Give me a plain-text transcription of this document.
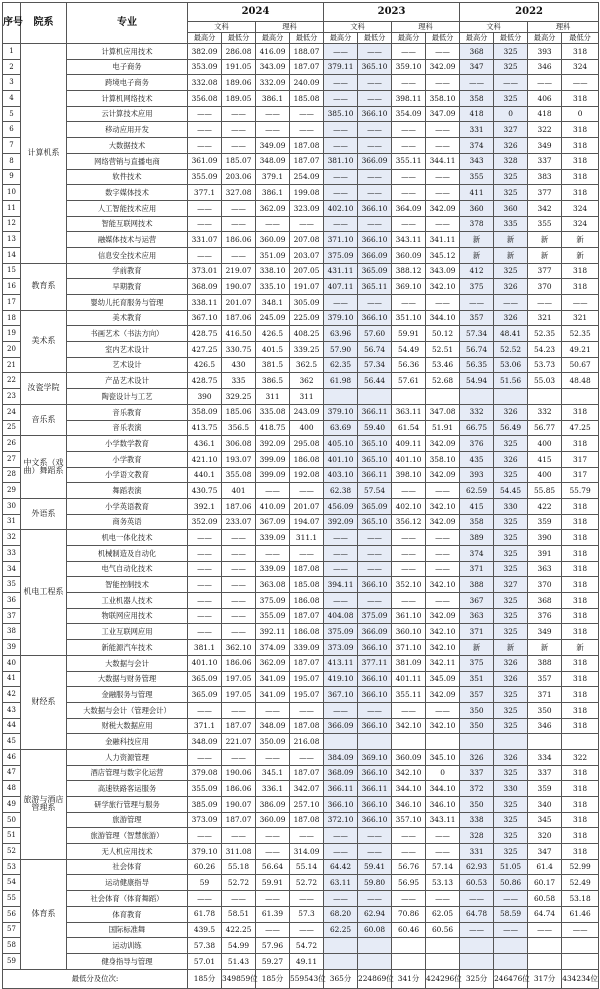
序号	院系	专业	2024				2023				2022			
			文科		理科		文科		理科		文科		理科	
			最高分	最低分	最高分	最低分	最高分	最低分	最高分	最低分	最高分	最低分	最高分	最低分
1	计算机系	计算机应用技术	382.09	286.08	416.09	188.07	——	——	——	——	368	325	393	318
2		电子商务	353.09	191.05	343.09	187.07	379.11	365.10	359.10	342.09	347	325	346	324
3		跨境电子商务	332.08	189.06	332.09	240.09	——	——	——	——	——	——	——	——
4		计算机网络技术	356.08	189.05	386.1	185.08	——	——	398.11	358.10	358	325	406	318
5		云计算技术应用	——	——	——	——	385.10	366.10	354.09	347.09	418	0	418	0
6		移动应用开发	——	——	——	——	——	——	——	——	331	327	322	318
7		大数据技术	——	——	349.09	187.08	——	——	——	——	374	326	349	318
8		网络营销与直播电商	361.09	185.07	348.09	187.07	381.10	366.09	355.11	344.11	343	328	337	318
9		软件技术	355.09	203.06	379.1	254.09	——	——	——	——	355	325	383	318
10		数字媒体技术	377.1	327.08	386.1	199.08	——	——	——	——	411	325	377	318
11		人工智能技术应用	——	——	362.09	323.09	402.10	366.10	364.09	342.09	360	360	342	324
12		智能互联网技术	——	——	——	——	——	——	——	——	378	335	355	324
13		融媒体技术与运营	331.07	186.06	360.09	207.08	371.10	366.10	343.11	341.11	新	新	新	新
14		信息安全技术应用	——	——	351.09	203.07	375.09	366.09	360.09	345.12	新	新	新	新
15	教育系	学前教育	373.01	219.07	338.10	207.05	431.11	365.09	388.12	343.09	412	325	377	318
16		早期教育	368.09	190.07	335.10	191.07	407.11	365.11	369.10	342.10	375	326	370	318
17		婴幼儿托育服务与管理	338.11	201.07	348.1	305.09	——	——	——	——	——	——	——	——
18	美术系	美术教育	367.10	187.06	245.09	225.09	379.10	366.10	351.10	344.10	357	326	321	321
19		书画艺术（书法方向）	428.75	416.50	426.5	408.25	63.96	57.60	59.91	50.12	57.34	48.41	52.35	52.35
20		室内艺术设计	427.25	330.75	401.5	339.25	57.90	56.74	54.49	52.51	56.74	52.52	54.23	49.21
21		艺术设计	426.5	430	381.5	362.5	62.35	57.34	56.36	53.46	56.35	53.06	53.73	50.67
22	汝瓷学院	产品艺术设计	428.75	335	386.5	362	61.98	56.44	57.61	52.68	54.94	51.56	55.03	48.48
23		陶瓷设计与工艺	390	329.25	311	311								
24	音乐系	音乐教育	358.09	185.06	335.08	243.09	379.10	366.11	363.11	347.08	332	326	332	318
25		音乐表演	413.75	356.5	418.75	400	63.69	59.40	61.54	51.91	66.75	56.49	56.77	47.25
26	中文系（戏曲）舞蹈系	小学数学教育	436.1	306.08	392.09	295.08	405.10	365.10	409.11	342.09	376	325	400	318
27		小学教育	421.10	193.07	399.09	186.08	401.10	365.10	401.10	358.10	435	326	415	317
28		小学语文教育	440.1	355.08	399.09	192.08	403.10	366.11	398.10	342.09	393	325	400	317
29		舞蹈表演	430.75	401	——	——	62.38	57.54	——	——	62.59	54.45	55.85	55.79
30	外语系	小学英语教育	392.1	187.06	410.09	201.07	456.09	365.09	402.10	342.10	415	330	422	318
31		商务英语	352.09	233.07	367.09	194.07	392.09	365.10	356.12	342.09	358	325	359	318
32	机电工程系	机电一体化技术	——	——	339.09	311.1	——	——	——	——	389	325	390	318
33		机械制造及自动化	——	——	——	——	——	——	——	——	374	325	391	318
34		电气自动化技术	——	——	339.09	187.08	——	——	——	——	371	325	363	318
35		智能控制技术	——	——	363.08	185.08	394.11	366.10	352.10	342.10	388	327	370	318
36		工业机器人技术	——	——	375.09	186.08	——	——	——	——	367	325	368	318
37		物联网应用技术	——	——	355.09	187.07	404.08	375.09	361.10	342.09	363	325	376	318
38		工业互联网应用	——	——	392.11	186.08	375.09	366.09	360.10	342.10	371	325	349	318
39		新能源汽车技术	381.1	362.10	374.09	339.09	373.09	366.10	371.10	342.10	新	新	新	新
40	财经系	大数据与会计	401.10	186.06	362.09	187.07	413.11	377.11	381.09	342.11	375	326	388	318
41		大数据与财务管理	365.09	197.05	341.09	195.07	419.10	366.10	401.11	345.09	351	326	357	318
42		金融服务与管理	365.09	197.05	341.09	195.07	367.10	366.10	355.11	342.09	357	325	371	318
43		大数据与会计（管理会计）	——	——	——	——	——	——	——	——	350	325	350	318
44		财税大数据应用	371.1	187.07	348.09	187.08	366.09	366.10	342.10	342.10	350	325	346	318
45		金融科技应用	348.09	221.07	350.09	216.08								
46	旅游与酒店管理系	人力资源管理	——	——	——	——	384.09	369.10	360.09	345.10	326	326	334	322
47		酒店管理与数字化运营	379.08	190.06	345.1	187.07	368.09	366.10	342.10	0	337	325	337	318
48		高速铁路客运服务	355.09	186.06	336.1	342.07	366.11	366.11	344.10	344.10	372	330	359	318
49		研学旅行管理与服务	385.09	190.07	386.09	257.10	366.10	366.10	346.10	346.10	350	325	340	318
50		旅游管理	373.09	187.07	360.09	187.08	372.10	366.10	357.10	343.11	338	325	345	318
51		旅游管理（智慧旅游）	——	——	——	——	——	——	——	——	328	325	320	318
52		无人机应用技术	379.10	311.08	——	314.09	——	——	——	——	331	325	347	318
53	体育系	社会体育	60.26	55.18	56.64	55.14	64.42	59.41	56.76	57.14	62.93	51.05	61.4	52.99
54		运动健康指导	59	52.72	59.91	52.72	63.11	59.80	56.95	53.13	60.53	50.86	60.17	52.49
55		社会体育（体育舞蹈）	——	——	——	——	——	——	——	——	——	——	60.58	53.18
56		体育教育	61.78	58.51	61.39	57.3	68.20	62.94	70.86	62.05	64.78	58.59	64.74	61.46
57		国际标准舞	439.5	422.25	——	——	62.25	60.08	60.46	60.56	——	——	——	——
58		运动训练	57.38	54.99	57.96	54.72								
59		健身指导与管理	57.01	51.43	59.27	49.11								
最低分及位次:			185分	349859位	185分	559543位	365分	224869位	341分	424296位	325分	246476位	317分	434234位
